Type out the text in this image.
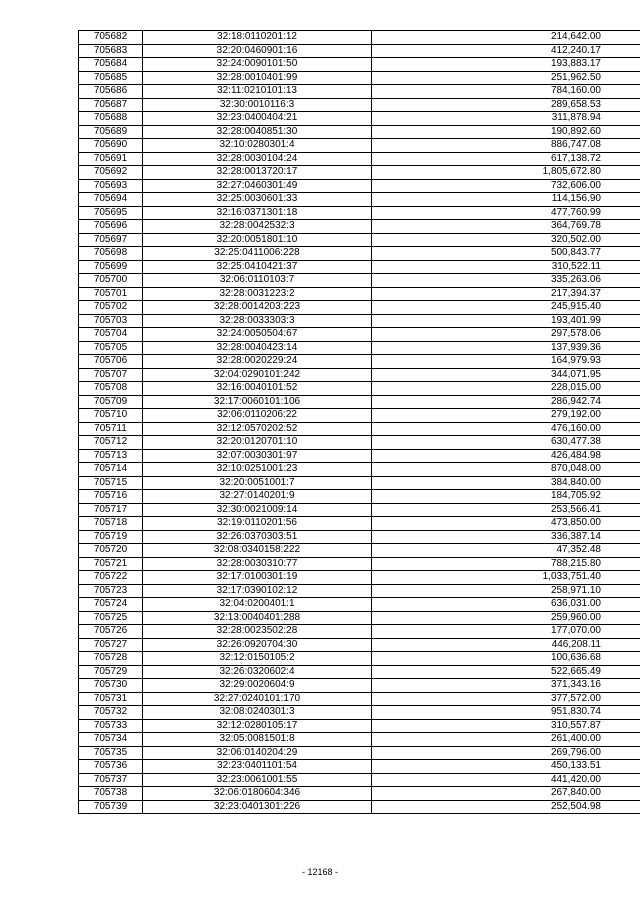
705682	32:18:0110201:12	214,642.00
705683	32:20:0460901:16	412,240.17
705684	32:24:0090101:50	193,883.17
705685	32:28:0010401:99	251,962.50
705686	32:11:0210101:13	784,160.00
705687	32:30:0010116:3	289,658.53
705688	32:23:0400404:21	311,878.94
705689	32:28:0040851:30	190,892.60
705690	32:10:0280301:4	886,747.08
705691	32:28:0030104:24	617,138.72
705692	32:28:0013720:17	1,805,672.80
705693	32:27:0460301:49	732,606.00
705694	32:25:0030601:33	114,156.90
705695	32:16:0371301:18	477,760.99
705696	32:28:0042532:3	364,769.78
705697	32:20:0051801:10	320,502.00
705698	32:25:0411006:228	500,843.77
705699	32:25:0410421:37	310,522.11
705700	32:06:0110103:7	335,263.06
705701	32:28:0031223:2	217,394.37
705702	32:28:0014203:223	245,915.40
705703	32:28:0033303:3	193,401.99
705704	32:24:0050504:67	297,578.06
705705	32:28:0040423:14	137,939.36
705706	32:28:0020229:24	164,979.93
705707	32:04:0290101:242	344,071.95
705708	32:16:0040101:52	228,015.00
705709	32:17:0060101:106	286,942.74
705710	32:06:0110206:22	279,192.00
705711	32:12:0570202:52	476,160.00
705712	32:20:0120701:10	630,477.38
705713	32:07:0030301:97	426,484.98
705714	32:10:0251001:23	870,048.00
705715	32:20:0051001:7	384,840.00
705716	32:27:0140201:9	184,705.92
705717	32:30:0021009:14	253,566.41
705718	32:19:0110201:56	473,850.00
705719	32:26:0370303:51	336,387.14
705720	32:08:0340158:222	47,352.48
705721	32:28:0030310:77	788,215.80
705722	32:17:0100301:19	1,033,751.40
705723	32:17:0390102:12	258,971.10
705724	32:04:0200401:1	636,031.00
705725	32:13:0040401:288	259,960.00
705726	32:28:0023502:28	177,070.00
705727	32:26:0920704:30	446,208.11
705728	32:12:0150105:2	100,636.68
705729	32:26:0320602:4	522,665.49
705730	32:29:0020604:9	371,343.16
705731	32:27:0240101:170	377,572.00
705732	32:08:0240301:3	951,830.74
705733	32:12:0280105:17	310,557.87
705734	32:05:0081501:8	261,400.00
705735	32:06:0140204:29	269,796.00
705736	32:23:0401101:54	450,133.51
705737	32:23:0061001:55	441,420.00
705738	32:06:0180604:346	267,840.00
705739	32:23:0401301:226	252,504.98
- 12168 -
